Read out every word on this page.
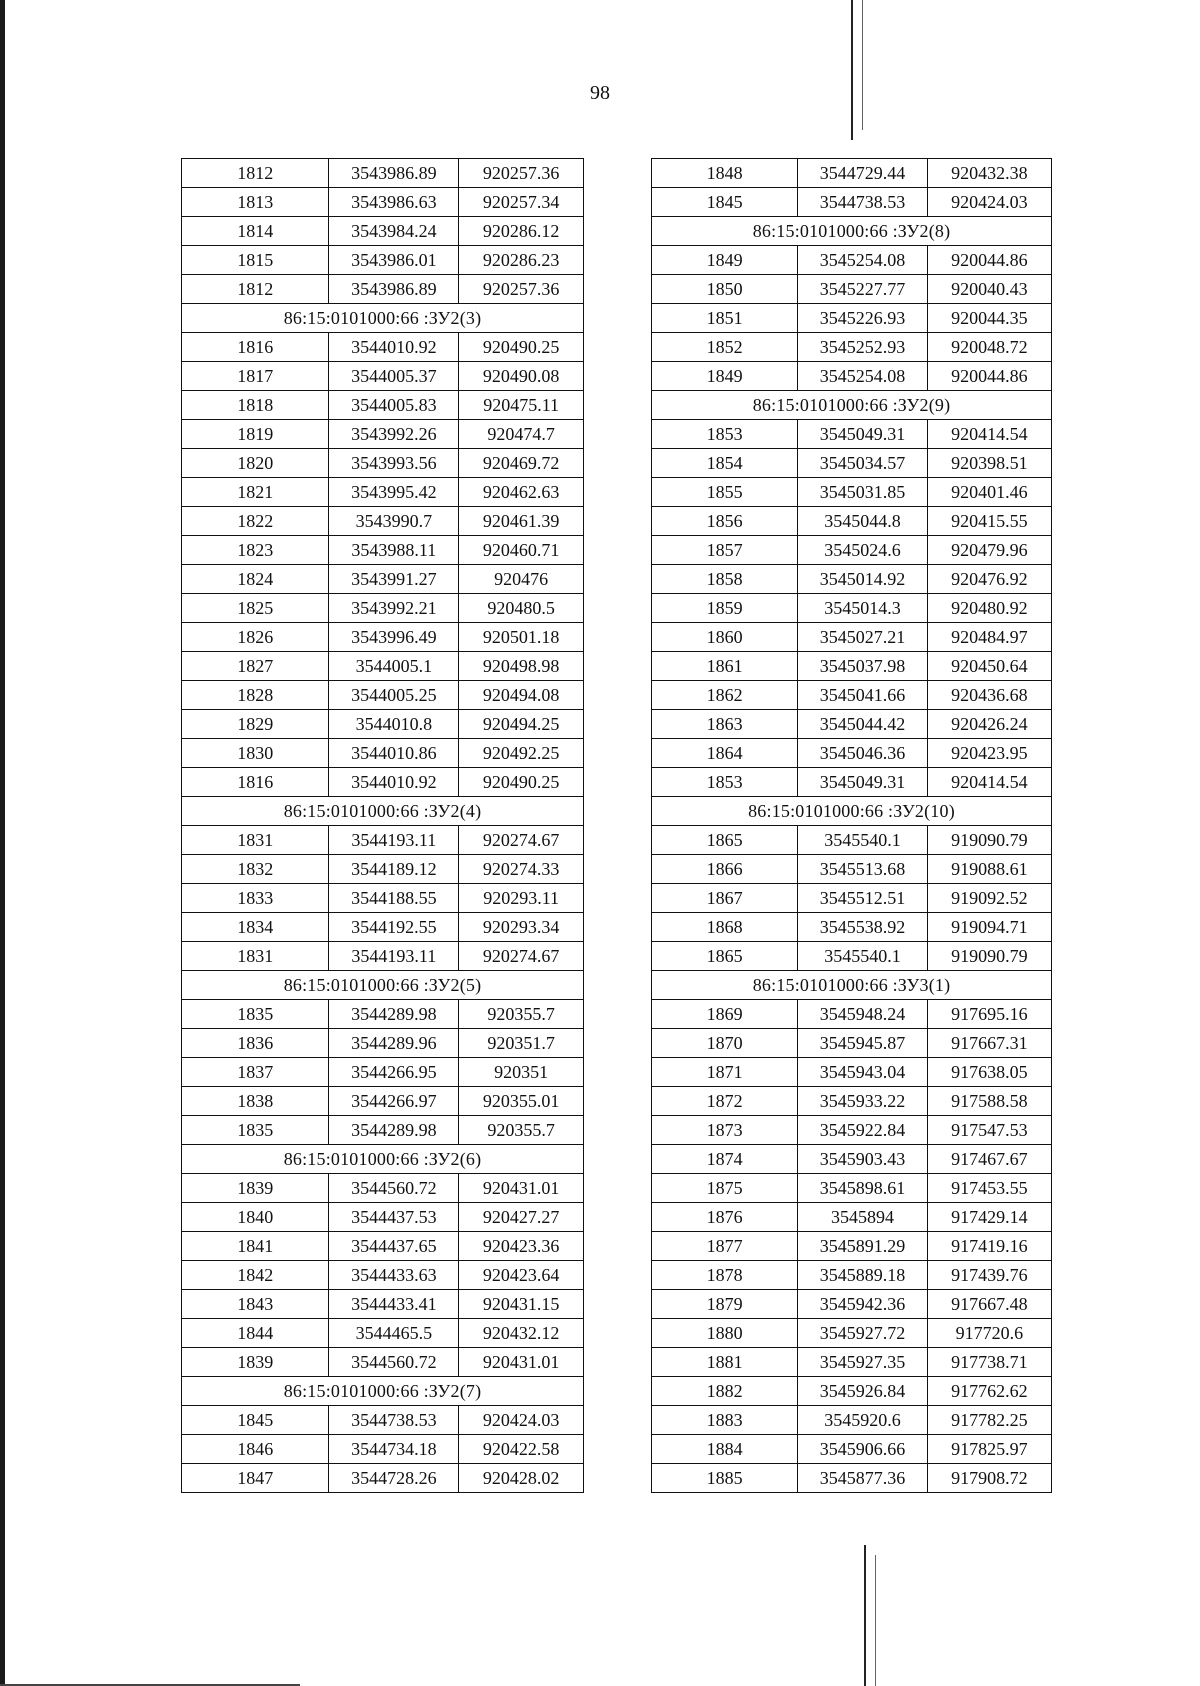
98
1812	3543986.89	920257.36
1813	3543986.63	920257.34
1814	3543984.24	920286.12
1815	3543986.01	920286.23
1812	3543986.89	920257.36
86:15:0101000:66 :ЗУ2(3)		
1816	3544010.92	920490.25
1817	3544005.37	920490.08
1818	3544005.83	920475.11
1819	3543992.26	920474.7
1820	3543993.56	920469.72
1821	3543995.42	920462.63
1822	3543990.7	920461.39
1823	3543988.11	920460.71
1824	3543991.27	920476
1825	3543992.21	920480.5
1826	3543996.49	920501.18
1827	3544005.1	920498.98
1828	3544005.25	920494.08
1829	3544010.8	920494.25
1830	3544010.86	920492.25
1816	3544010.92	920490.25
86:15:0101000:66 :ЗУ2(4)		
1831	3544193.11	920274.67
1832	3544189.12	920274.33
1833	3544188.55	920293.11
1834	3544192.55	920293.34
1831	3544193.11	920274.67
86:15:0101000:66 :ЗУ2(5)		
1835	3544289.98	920355.7
1836	3544289.96	920351.7
1837	3544266.95	920351
1838	3544266.97	920355.01
1835	3544289.98	920355.7
86:15:0101000:66 :ЗУ2(6)		
1839	3544560.72	920431.01
1840	3544437.53	920427.27
1841	3544437.65	920423.36
1842	3544433.63	920423.64
1843	3544433.41	920431.15
1844	3544465.5	920432.12
1839	3544560.72	920431.01
86:15:0101000:66 :ЗУ2(7)		
1845	3544738.53	920424.03
1846	3544734.18	920422.58
1847	3544728.26	920428.02
1848	3544729.44	920432.38
1845	3544738.53	920424.03
86:15:0101000:66 :ЗУ2(8)		
1849	3545254.08	920044.86
1850	3545227.77	920040.43
1851	3545226.93	920044.35
1852	3545252.93	920048.72
1849	3545254.08	920044.86
86:15:0101000:66 :ЗУ2(9)		
1853	3545049.31	920414.54
1854	3545034.57	920398.51
1855	3545031.85	920401.46
1856	3545044.8	920415.55
1857	3545024.6	920479.96
1858	3545014.92	920476.92
1859	3545014.3	920480.92
1860	3545027.21	920484.97
1861	3545037.98	920450.64
1862	3545041.66	920436.68
1863	3545044.42	920426.24
1864	3545046.36	920423.95
1853	3545049.31	920414.54
86:15:0101000:66 :ЗУ2(10)		
1865	3545540.1	919090.79
1866	3545513.68	919088.61
1867	3545512.51	919092.52
1868	3545538.92	919094.71
1865	3545540.1	919090.79
86:15:0101000:66 :ЗУ3(1)		
1869	3545948.24	917695.16
1870	3545945.87	917667.31
1871	3545943.04	917638.05
1872	3545933.22	917588.58
1873	3545922.84	917547.53
1874	3545903.43	917467.67
1875	3545898.61	917453.55
1876	3545894	917429.14
1877	3545891.29	917419.16
1878	3545889.18	917439.76
1879	3545942.36	917667.48
1880	3545927.72	917720.6
1881	3545927.35	917738.71
1882	3545926.84	917762.62
1883	3545920.6	917782.25
1884	3545906.66	917825.97
1885	3545877.36	917908.72
